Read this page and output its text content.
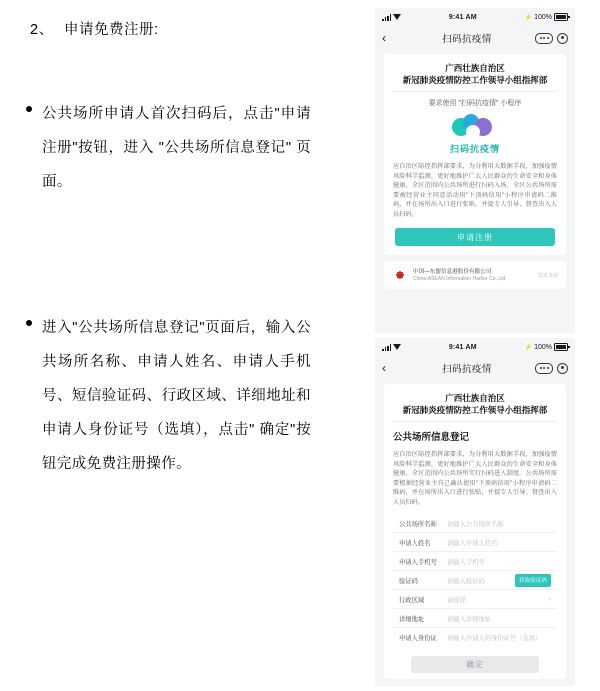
2、 申请免费注册:
公共场所申请人首次扫码后，点击"申请注册"按钮，进入 "公共场所信息登记" 页面。
进入"公共场所信息登记"页面后，输入公共场所名称、申请人姓名、申请人手机号、短信验证码、行政区域、详细地址和申请人身份证号（选填），点击" 确定"按钮完成免费注册操作。
9:41 AM	⚡ 100%
‹	扫码抗疫情
广西壮族自治区
新冠肺炎疫情防控工作领导小组指挥部
要求使用 "扫码抗疫情" 小程序
扫码抗疫情
应自治区防控指挥部要求，为分利用大数据手段，加强疫情风险科学监测，更好地维护广大人民群众的生命安全和身体健康，全区范围内公共场所进行扫码入场。全区公共场所需要被经营业主同意活动用"下顶码信用"小程序申请码二维码，并在场所出入口进行张贴，并提专人引导、督查出入人员扫码。
申请注册
中国—东盟信息港股份有限公司
China-ASEAN Information Harbor Co.,Ltd	技术支持
9:41 AM	⚡ 100%
‹	扫码抗疫情
广西壮族自治区
新冠肺炎疫情防控工作领导小组指挥部
公共场所信息登记
应自治区防控指挥部要求，为分利用大数据手段，加强疫情风险科学监测，更好地维护广大人民群众的生命安全和身体健康，全区范围内公共场所实行扫码进入制度。公共场所需要根据经营业主自己确认使用"下顶码信用"小程序申请码二维码，并在场所出入口进行张贴，并提专人引导、督查出入人员扫码。
公共场所名称	请输入公共场所名称
申请人姓名	请输入申请人姓名
申请人手机号	请输入手机号
验证码	请输入验证码	获取验证码
行政区域	请选择	›
详细地址	请输入详细地址
申请人身份证	请输入申请人的身份证号（选填）
确定
